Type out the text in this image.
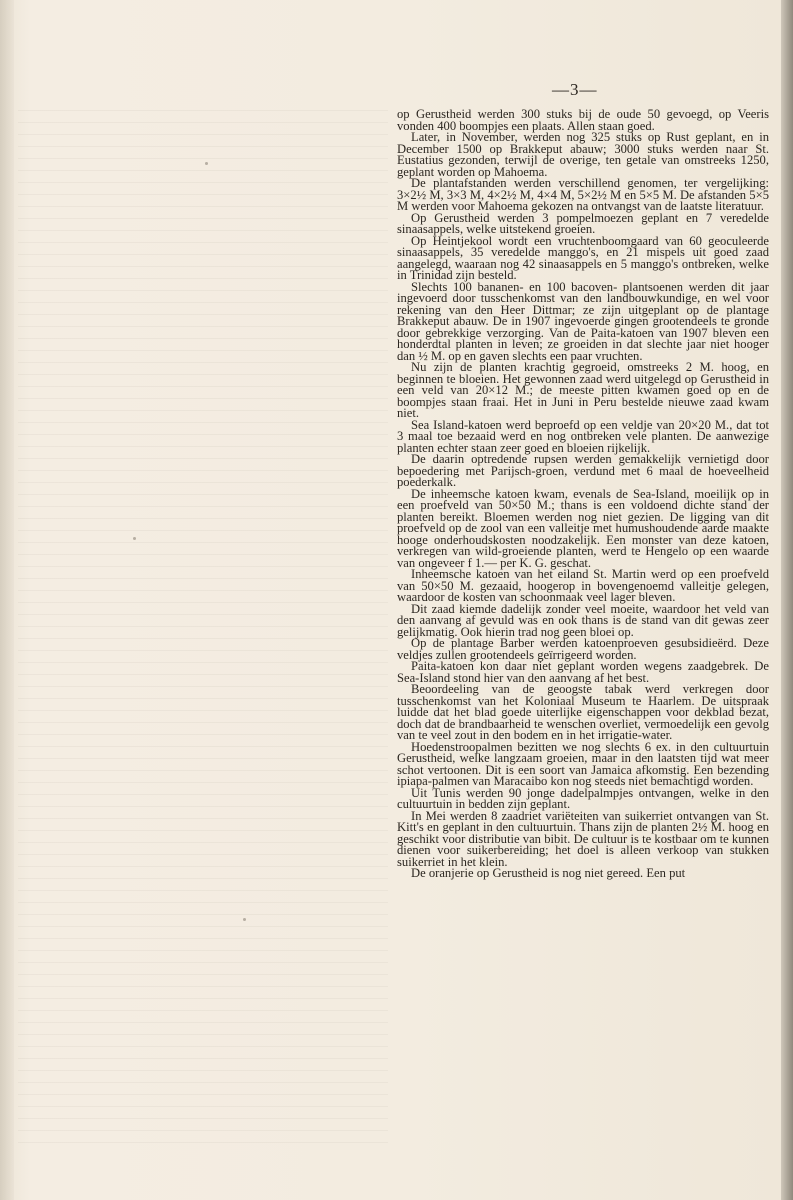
—3—

op Gerustheid werden 300 stuks bij de oude 50 gevoegd, op Veeris vonden 400 boompjes een plaats. Allen staan goed.

Later, in November, werden nog 325 stuks op Rust geplant, en in December 1500 op Brakkeput abauw; 3000 stuks werden naar St. Eustatius gezonden, terwijl de overige, ten getale van omstreeks 1250, geplant worden op Mahoema.

De plantafstanden werden verschillend genomen, ter vergelijking: 3×2½ M, 3×3 M, 4×2½ M, 4×4 M, 5×2½ M en 5×5 M. De afstanden 5×5 M werden voor Mahoema gekozen na ontvangst van de laatste literatuur.

Op Gerustheid werden 3 pompelmoezen geplant en 7 veredelde sinaasappels, welke uitstekend groeien.

Op Heintjekool wordt een vruchtenboomgaard van 60 geoculeerde sinaasappels, 35 veredelde manggo's, en 21 mispels uit goed zaad aangelegd, waaraan nog 42 sinaasappels en 5 manggo's ontbreken, welke in Trinidad zijn besteld.

Slechts 100 bananen- en 100 bacoven- plantsoenen werden dit jaar ingevoerd door tusschenkomst van den landbouwkundige, en wel voor rekening van den Heer Dittmar; ze zijn uitgeplant op de plantage Brakkeput abauw. De in 1907 ingevoerde gingen grootendeels te gronde door gebrekkige verzorging. Van de Paita-katoen van 1907 bleven een honderdtal planten in leven; ze groeiden in dat slechte jaar niet hooger dan ½ M. op en gaven slechts een paar vruchten.

Nu zijn de planten krachtig gegroeid, omstreeks 2 M. hoog, en beginnen te bloeien. Het gewonnen zaad werd uitgelegd op Gerustheid in een veld van 20×12 M.; de meeste pitten kwamen goed op en de boompjes staan fraai. Het in Juni in Peru bestelde nieuwe zaad kwam niet.

Sea Island-katoen werd beproefd op een veldje van 20×20 M., dat tot 3 maal toe bezaaid werd en nog ontbreken vele planten. De aanwezige planten echter staan zeer goed en bloeien rijkelijk.

De daarin optredende rupsen werden gemakkelijk vernietigd door bepoedering met Parijsch-groen, verdund met 6 maal de hoeveelheid poederkalk.

De inheemsche katoen kwam, evenals de Sea-Island, moeilijk op in een proefveld van 50×50 M.; thans is een voldoend dichte stand der planten bereikt. Bloemen werden nog niet gezien. De ligging van dit proefveld op de zool van een valleitje met humushoudende aarde maakte hooge onderhoudskosten noodzakelijk. Een monster van deze katoen, verkregen van wild-groeiende planten, werd te Hengelo op een waarde van ongeveer f 1.— per K. G. geschat.

Inheemsche katoen van het eiland St. Martin werd op een proefveld van 50×50 M. gezaaid, hoogerop in bovengenoemd valleitje gelegen, waardoor de kosten van schoonmaak veel lager bleven.

Dit zaad kiemde dadelijk zonder veel moeite, waardoor het veld van den aanvang af gevuld was en ook thans is de stand van dit gewas zeer gelijkmatig. Ook hierin trad nog geen bloei op.

Op de plantage Barber werden katoenproeven gesubsidieërd. Deze veldjes zullen grootendeels geïrrigeerd worden.

Paita-katoen kon daar niet geplant worden wegens zaadgebrek. De Sea-Island stond hier van den aanvang af het best.

Beoordeeling van de geoogste tabak werd verkregen door tusschenkomst van het Koloniaal Museum te Haarlem. De uitspraak luidde dat het blad goede uiterlijke eigenschappen voor dekblad bezat, doch dat de brandbaarheid te wenschen overliet, vermoedelijk een gevolg van te veel zout in den bodem en in het irrigatie-water.

Hoedenstroopalmen bezitten we nog slechts 6 ex. in den cultuurtuin Gerustheid, welke langzaam groeien, maar in den laatsten tijd wat meer schot vertoonen. Dit is een soort van Jamaica afkomstig. Een bezending ipiapa-palmen van Maracaibo kon nog steeds niet bemachtigd worden.

Uit Tunis werden 90 jonge dadelpalmpjes ontvangen, welke in den cultuurtuin in bedden zijn geplant.

In Mei werden 8 zaadriet variëteiten van suikerriet ontvangen van St. Kitt's en geplant in den cultuurtuin. Thans zijn de planten 2½ M. hoog en geschikt voor distributie van bibit. De cultuur is te kostbaar om te kunnen dienen voor suikerbereiding; het doel is alleen verkoop van stukken suikerriet in het klein.

De oranjerie op Gerustheid is nog niet gereed. Een put
